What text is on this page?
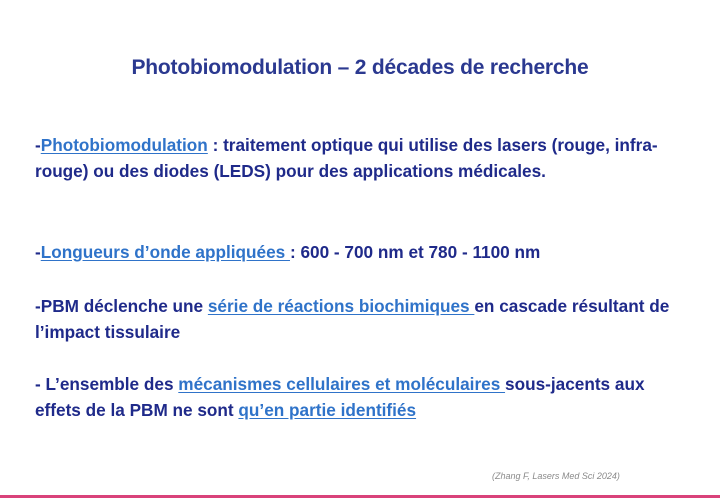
Photobiomodulation – 2 décades de recherche
-Photobiomodulation : traitement optique qui utilise des lasers (rouge, infra-rouge) ou des diodes (LEDS) pour des applications médicales.
-Longueurs d’onde appliquées : 600 - 700 nm et 780 - 1100 nm
-PBM déclenche une série de réactions biochimiques en cascade résultant de l’impact tissulaire
- L’ensemble des mécanismes cellulaires et moléculaires sous-jacents aux effets de la PBM ne sont qu’en partie identifiés
(Zhang F, Lasers Med Sci 2024)
